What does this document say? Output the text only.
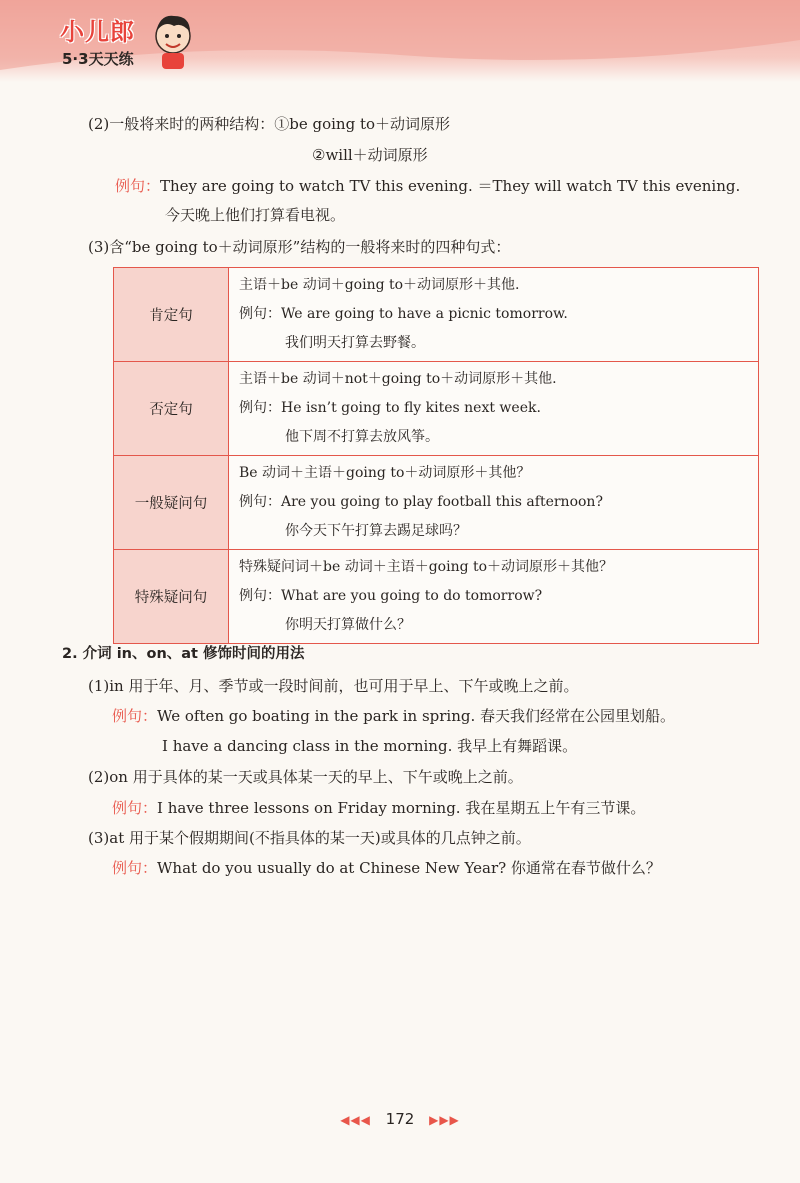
小儿郎
5·3天天练
(2)一般将来时的两种结构：①be going to＋动词原形
②will＋动词原形
例句：They are going to watch TV this evening. ＝They will watch TV this evening.
今天晚上他们打算看电视。
(3)含“be going to＋动词原形”结构的一般将来时的四种句式：
肯定句	主语＋be 动词＋going to＋动词原形＋其他.
例句：We are going to have a picnic tomorrow.
我们明天打算去野餐。

否定句	主语＋be 动词＋not＋going to＋动词原形＋其他.
例句：He isn’t going to fly kites next week.
他下周不打算去放风筝。

一般疑问句	Be 动词＋主语＋going to＋动词原形＋其他？
例句：Are you going to play football this afternoon?
你今天下午打算去踢足球吗？

特殊疑问句	特殊疑问词＋be 动词＋主语＋going to＋动词原形＋其他？
例句：What are you going to do tomorrow?
你明天打算做什么？
2. 介词 in、on、at 修饰时间的用法
(1)in 用于年、月、季节或一段时间前，也可用于早上、下午或晚上之前。
例句：We often go boating in the park in spring. 春天我们经常在公园里划船。
I have a dancing class in the morning. 我早上有舞蹈课。
(2)on 用于具体的某一天或具体某一天的早上、下午或晚上之前。
例句：I have three lessons on Friday morning. 我在星期五上午有三节课。
(3)at 用于某个假期期间(不指具体的某一天)或具体的几点钟之前。
例句：What do you usually do at Chinese New Year? 你通常在春节做什么？
◀◀◀ 172 ▶▶▶
